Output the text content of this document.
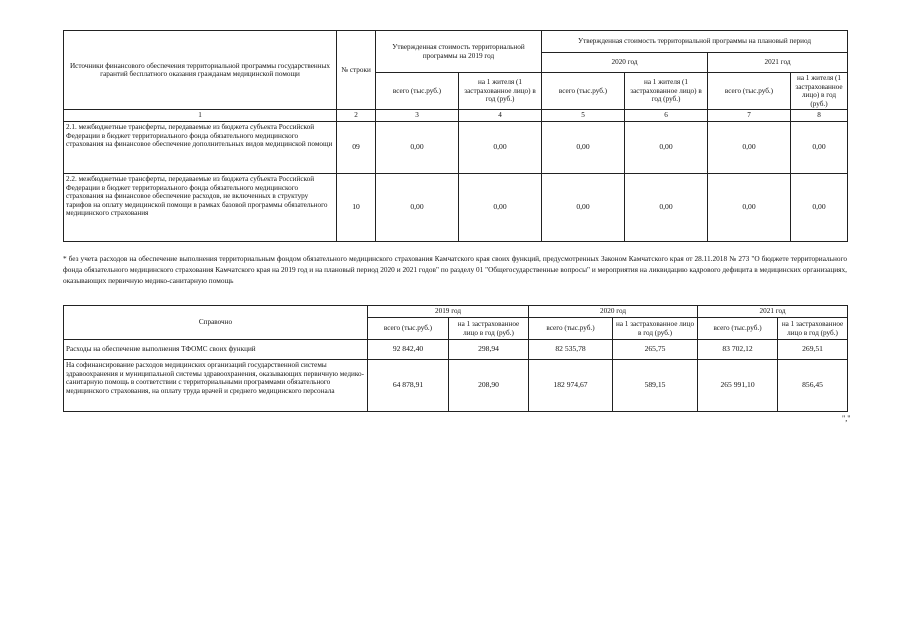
Источники финансового обеспечения территориальной программы государственных гарантий бесплатного оказания гражданам медицинской помощи	№ строки	Утвержденная стоимость территориальной программы на 2019 год		Утвержденная стоимость территориальной программы на плановый период			
				2020 год		2021 год	
		всего (тыс.руб.)	на 1 жителя (1 застрахованное лицо) в год (руб.)	всего (тыс.руб.)	на 1 жителя (1 застрахованное лицо) в год (руб.)	всего (тыс.руб.)	на 1 жителя (1 застрахованное лицо) в год (руб.)
1	2	3	4	5	6	7	8
2.1. межбюджетные трансферты, передаваемые из бюджета субъекта Российской Федерации в бюджет территориального фонда обязательного медицинского страхования на финансовое обеспечение дополнительных видов медицинской помощи	09	0,00	0,00	0,00	0,00	0,00	0,00
2.2. межбюджетные трансферты, передаваемые из бюджета субъекта Российской Федерации в бюджет территориального фонда обязательного медицинского страхования на финансовое обеспечение расходов, не включенных в структуру тарифов на оплату медицинской помощи в рамках базовой программы обязательного медицинского страхования	10	0,00	0,00	0,00	0,00	0,00	0,00
* без учета расходов на обеспечение выполнения территориальным фондом обязательного медицинского страхования Камчатского края своих функций, предусмотренных Законом Камчатского края от 28.11.2018 № 273 "О бюджете территориального фонда обязательного медицинского страхования Камчатского края на 2019 год и на плановый период 2020 и 2021 годов" по разделу 01 "Общегосударственные вопросы" и мероприятия на ликвидацию кадрового дефицита в медицинских организациях, оказывающих первичную медико-санитарную помощь
Справочно	2019 год		2020 год		2021 год	
	всего (тыс.руб.)	на 1 застрахованное лицо в год (руб.)	всего (тыс.руб.)	на 1 застрахованное лицо в год (руб.)	всего (тыс.руб.)	на 1 застрахованное лицо в год (руб.)
Расходы на обеспечение выполнения ТФОМС своих функций	92 842,40	298,94	82 535,78	265,75	83 702,12	269,51
На софинансирование расходов медицинских организаций государственной системы здравоохранения и муниципальной системы здравоохранения, оказывающих первичную медико-санитарную помощь в соответствии с территориальными программами обязательного медицинского страхования, на оплату труда врачей и среднего медицинского персонала	64 878,91	208,90	182 974,67	589,15	265 991,10	856,45
","
